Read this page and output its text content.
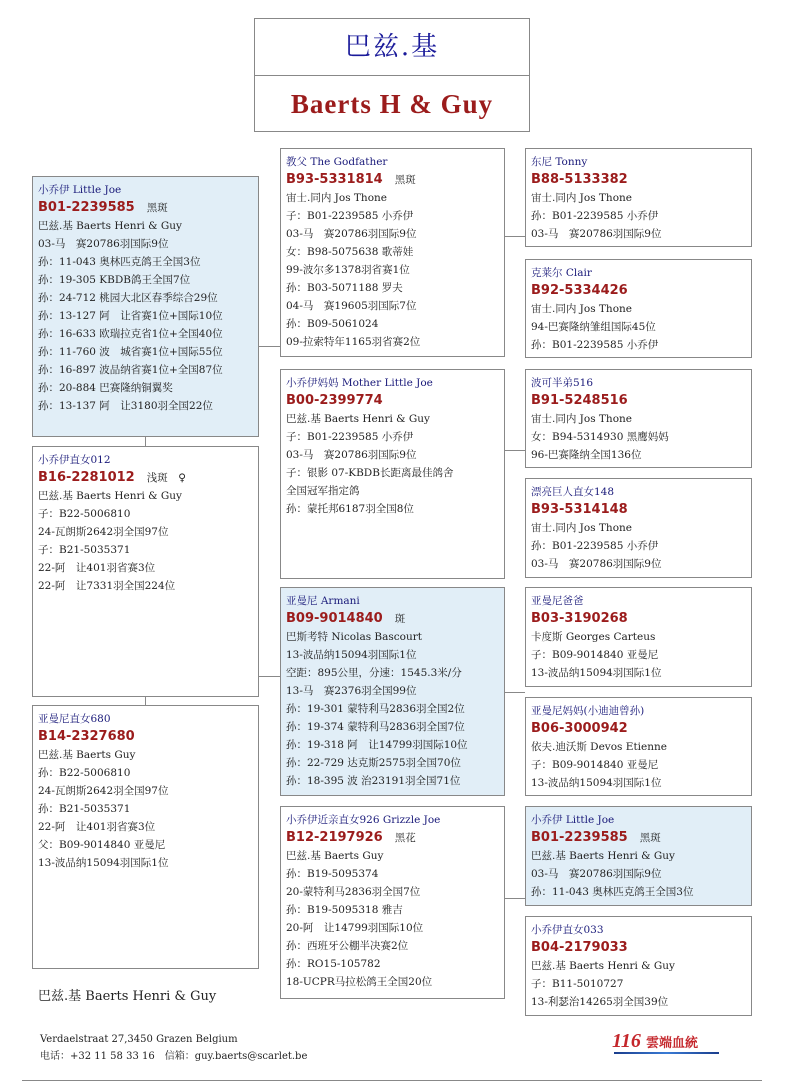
巴兹.基
Baerts H & Guy
小乔伊 Little Joe
B01-2239585 黑斑
巴兹.基 Baerts Henri & Guy
03-马　赛20786羽国际9位
孙：11-043 奥林匹克鸽王全国3位
孙：19-305 KBDB鸽王全国7位
孙：24-712 桃园大北区春季综合29位
孙：13-127 阿　让省赛1位+国际10位
孙：16-633 欧瑞拉克省1位+全国40位
孙：11-760 波　城省赛1位+国际55位
孙：16-897 波品纳省赛1位+全国87位
孙：20-884 巴赛隆纳铜翼奖
孙：13-137 阿　让3180羽全国22位
小乔伊直女012
B16-2281012 浅斑　♀
巴兹.基 Baerts Henri & Guy
子：B22-5006810
24-瓦朗斯2642羽全国97位
子：B21-5035371
22-阿　让401羽省赛3位
22-阿　让7331羽全国224位
亚曼尼直女680
B14-2327680
巴兹.基 Baerts Guy
孙：B22-5006810
24-瓦朗斯2642羽全国97位
孙：B21-5035371
22-阿　让401羽省赛3位
父：B09-9014840 亚曼尼
13-波品纳15094羽国际1位
教父 The Godfather
B93-5331814 黑斑
宙士.同内 Jos Thone
子：B01-2239585 小乔伊
03-马　赛20786羽国际9位
女：B98-5075638 歌蒂娃
99-波尔多1378羽省赛1位
孙：B03-5071188 罗夫
04-马　赛19605羽国际7位
孙：B09-5061024
09-拉索特年1165羽省赛2位
小乔伊妈妈 Mother Little Joe
B00-2399774
巴兹.基 Baerts Henri & Guy
子：B01-2239585 小乔伊
03-马　赛20786羽国际9位
子：银影 07-KBDB长距离最佳鸽舍
全国冠军指定鸽
孙：蒙托邦6187羽全国8位
亚曼尼 Armani
B09-9014840 斑
巴斯考特 Nicolas Bascourt
13-波品纳15094羽国际1位
空距：895公里，分速：1545.3米/分
13-马　赛2376羽全国99位
孙：19-301 蒙特利马2836羽全国2位
孙：19-374 蒙特利马2836羽全国7位
孙：19-318 阿　让14799羽国际10位
孙：22-729 达克斯2575羽全国70位
孙：18-395 波 治23191羽全国71位
小乔伊近亲直女926 Grizzle Joe
B12-2197926 黑花
巴兹.基 Baerts Guy
孙：B19-5095374
20-蒙特利马2836羽全国7位
孙：B19-5095318 雅吉
20-阿　让14799羽国际10位
孙：西班牙公棚半决赛2位
孙：RO15-105782
18-UCPR马拉松鸽王全国20位
东尼 Tonny
B88-5133382
宙士.同内 Jos Thone
孙：B01-2239585 小乔伊
03-马　赛20786羽国际9位
克莱尔 Clair
B92-5334426
宙士.同内 Jos Thone
94-巴赛隆纳雏组国际45位
孙：B01-2239585 小乔伊
波可半弟516
B91-5248516
宙士.同内 Jos Thone
女：B94-5314930 黑鹰妈妈
96-巴赛隆纳全国136位
漂亮巨人直女148
B93-5314148
宙士.同内 Jos Thone
孙：B01-2239585 小乔伊
03-马　赛20786羽国际9位
亚曼尼爸爸
B03-3190268
卡度斯 Georges Carteus
子：B09-9014840 亚曼尼
13-波品纳15094羽国际1位
亚曼尼妈妈(小迪迪曾孙)
B06-3000942
依夫.迪沃斯 Devos Etienne
子：B09-9014840 亚曼尼
13-波品纳15094羽国际1位
小乔伊 Little Joe
B01-2239585 黑斑
巴兹.基 Baerts Henri & Guy
03-马　赛20786羽国际9位
孙：11-043 奥林匹克鸽王全国3位
小乔伊直女033
B04-2179033
巴兹.基 Baerts Henri & Guy
子：B11-5010727
13-利瑟治14265羽全国39位
巴兹.基 Baerts Henri & Guy
Verdaelstraat 27,3450 Grazen Belgium
电话：+32 11 58 33 16　信箱：guy.baerts@scarlet.be
116 雲端血統
